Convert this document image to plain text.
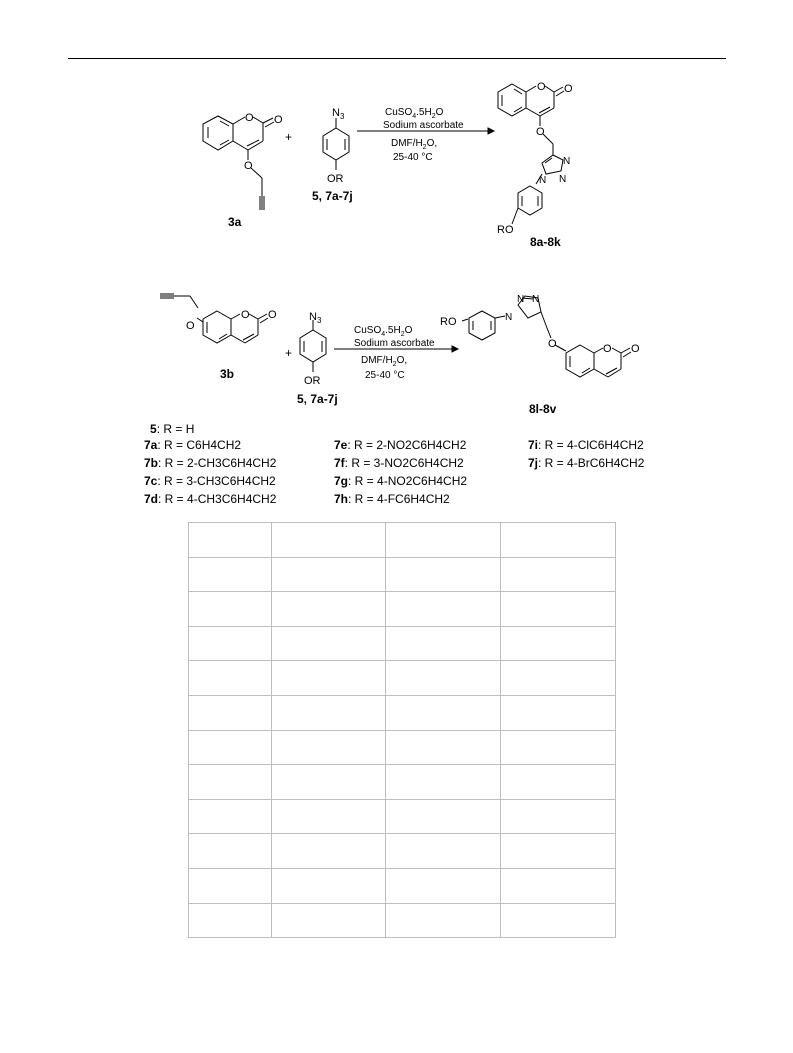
O O
O
3a
+
$N_3$
OR
5, 7a-7j
$CuSO_4.5H_2O$
Sodium ascorbate
DMF/$H_2O$,
25-40 °C
O O
O
N
N
N
RO
8a-8k
O
O O
3b
+
$N_3$
OR
5, 7a-7j
$CuSO_4.5H_2O$
Sodium ascorbate
DMF/$H_2O$,
25-40 °C
RO	N
N N
O	O O
8l-8v
5: R = H
7a: R = C6H4CH2
7b: R = 2-CH3C6H4CH2
7c: R = 3-CH3C6H4CH2
7d: R = 4-CH3C6H4CH2
7e: R = 2-NO2C6H4CH2
7f: R = 3-NO2C6H4CH2
7g: R = 4-NO2C6H4CH2
7h: R = 4-FC6H4CH2
7i: R = 4-ClC6H4CH2
7j: R = 4-BrC6H4CH2
